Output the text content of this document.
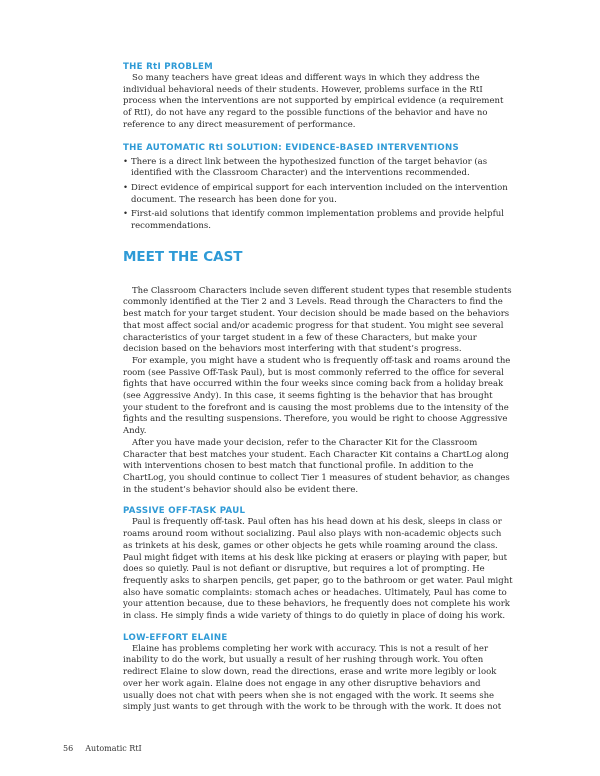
THE RtI PROBLEM

So many teachers have great ideas and different ways in which they address the individual behavioral needs of their students. However, problems surface in the RtI process when the interventions are not supported by empirical evidence (a requirement of RtI), do not have any regard to the possible functions of the behavior and have no reference to any direct measurement of performance.

THE AUTOMATIC RtI SOLUTION: EVIDENCE-BASED INTERVENTIONS
• There is a direct link between the hypothesized function of the target behavior (as identified with the Classroom Character) and the interventions recommended.
• Direct evidence of empirical support for each intervention included on the intervention document. The research has been done for you.
• First-aid solutions that identify common implementation problems and provide helpful recommendations.
MEET THE CAST

The Classroom Characters include seven different student types that resemble students commonly identified at the Tier 2 and 3 Levels. Read through the Characters to find the best match for your target student. Your decision should be made based on the behaviors that most affect social and/or academic progress for that student. You might see several characteristics of your target student in a few of these Characters, but make your decision based on the behaviors most interfering with that student’s progress.

For example, you might have a student who is frequently off-task and roams around the room (see Passive Off-Task Paul), but is most commonly referred to the office for several fights that have occurred within the four weeks since coming back from a holiday break (see Aggressive Andy). In this case, it seems fighting is the behavior that has brought your student to the forefront and is causing the most problems due to the intensity of the fights and the resulting suspensions. Therefore, you would be right to choose Aggressive Andy.

After you have made your decision, refer to the Character Kit for the Classroom Character that best matches your student. Each Character Kit contains a ChartLog along with interventions chosen to best match that functional profile. In addition to the ChartLog, you should continue to collect Tier 1 measures of student behavior, as changes in the student’s behavior should also be evident there.

PASSIVE OFF-TASK PAUL

Paul is frequently off-task. Paul often has his head down at his desk, sleeps in class or roams around room without socializing. Paul also plays with non-academic objects such as trinkets at his desk, games or other objects he gets while roaming around the class. Paul might fidget with items at his desk like picking at erasers or playing with paper, but does so quietly. Paul is not defiant or disruptive, but requires a lot of prompting. He frequently asks to sharpen pencils, get paper, go to the bathroom or get water. Paul might also have somatic complaints: stomach aches or headaches. Ultimately, Paul has come to your attention because, due to these behaviors, he frequently does not complete his work in class. He simply finds a wide variety of things to do quietly in place of doing his work.

LOW-EFFORT ELAINE

Elaine has problems completing her work with accuracy. This is not a result of her inability to do the work, but usually a result of her rushing through work. You often redirect Elaine to slow down, read the directions, erase and write more legibly or look over her work again. Elaine does not engage in any other disruptive behaviors and usually does not chat with peers when she is not engaged with the work. It seems she simply just wants to get through with the work to be through with the work. It does not

56 Automatic RtI
